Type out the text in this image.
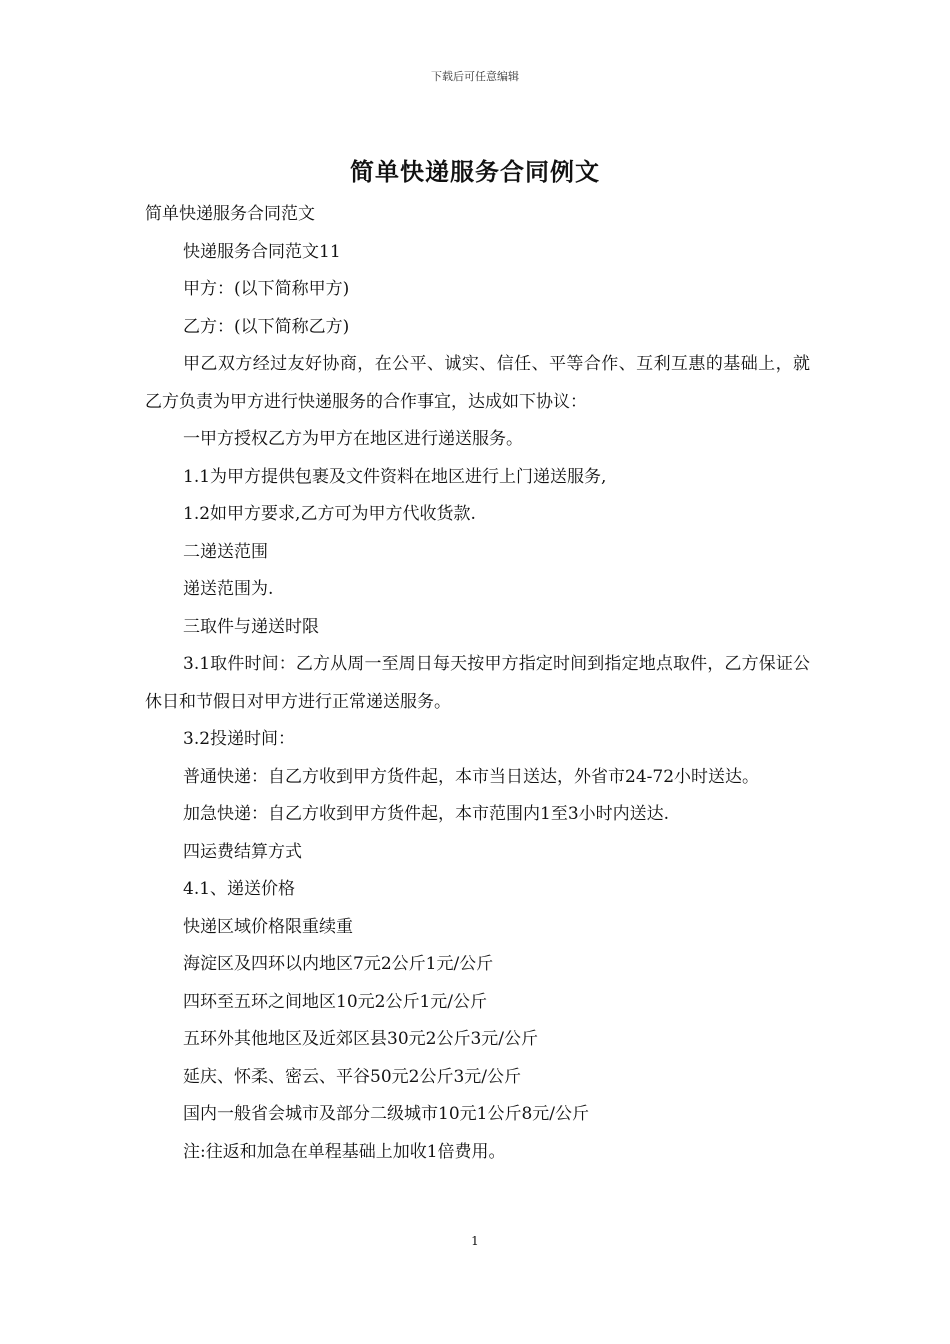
下载后可任意编辑
简单快递服务合同例文

简单快递服务合同范文

快递服务合同范文11

甲方：(以下简称甲方)

乙方：(以下简称乙方)

甲乙双方经过友好协商，在公平、诚实、信任、平等合作、互利互惠的基础上，就乙方负责为甲方进行快递服务的合作事宜，达成如下协议：

一甲方授权乙方为甲方在地区进行递送服务。

1.1为甲方提供包裹及文件资料在地区进行上门递送服务,

1.2如甲方要求,乙方可为甲方代收货款.

二递送范围

递送范围为.

三取件与递送时限

3.1取件时间：乙方从周一至周日每天按甲方指定时间到指定地点取件，乙方保证公休日和节假日对甲方进行正常递送服务。

3.2投递时间：

普通快递：自乙方收到甲方货件起，本市当日送达，外省市24-72小时送达。

加急快递：自乙方收到甲方货件起，本市范围内1至3小时内送达.

四运费结算方式

4.1、递送价格

快递区域价格限重续重

海淀区及四环以内地区7元2公斤1元/公斤

四环至五环之间地区10元2公斤1元/公斤

五环外其他地区及近郊区县30元2公斤3元/公斤

延庆、怀柔、密云、平谷50元2公斤3元/公斤

国内一般省会城市及部分二级城市10元1公斤8元/公斤

注:往返和加急在单程基础上加收1倍费用。

1
